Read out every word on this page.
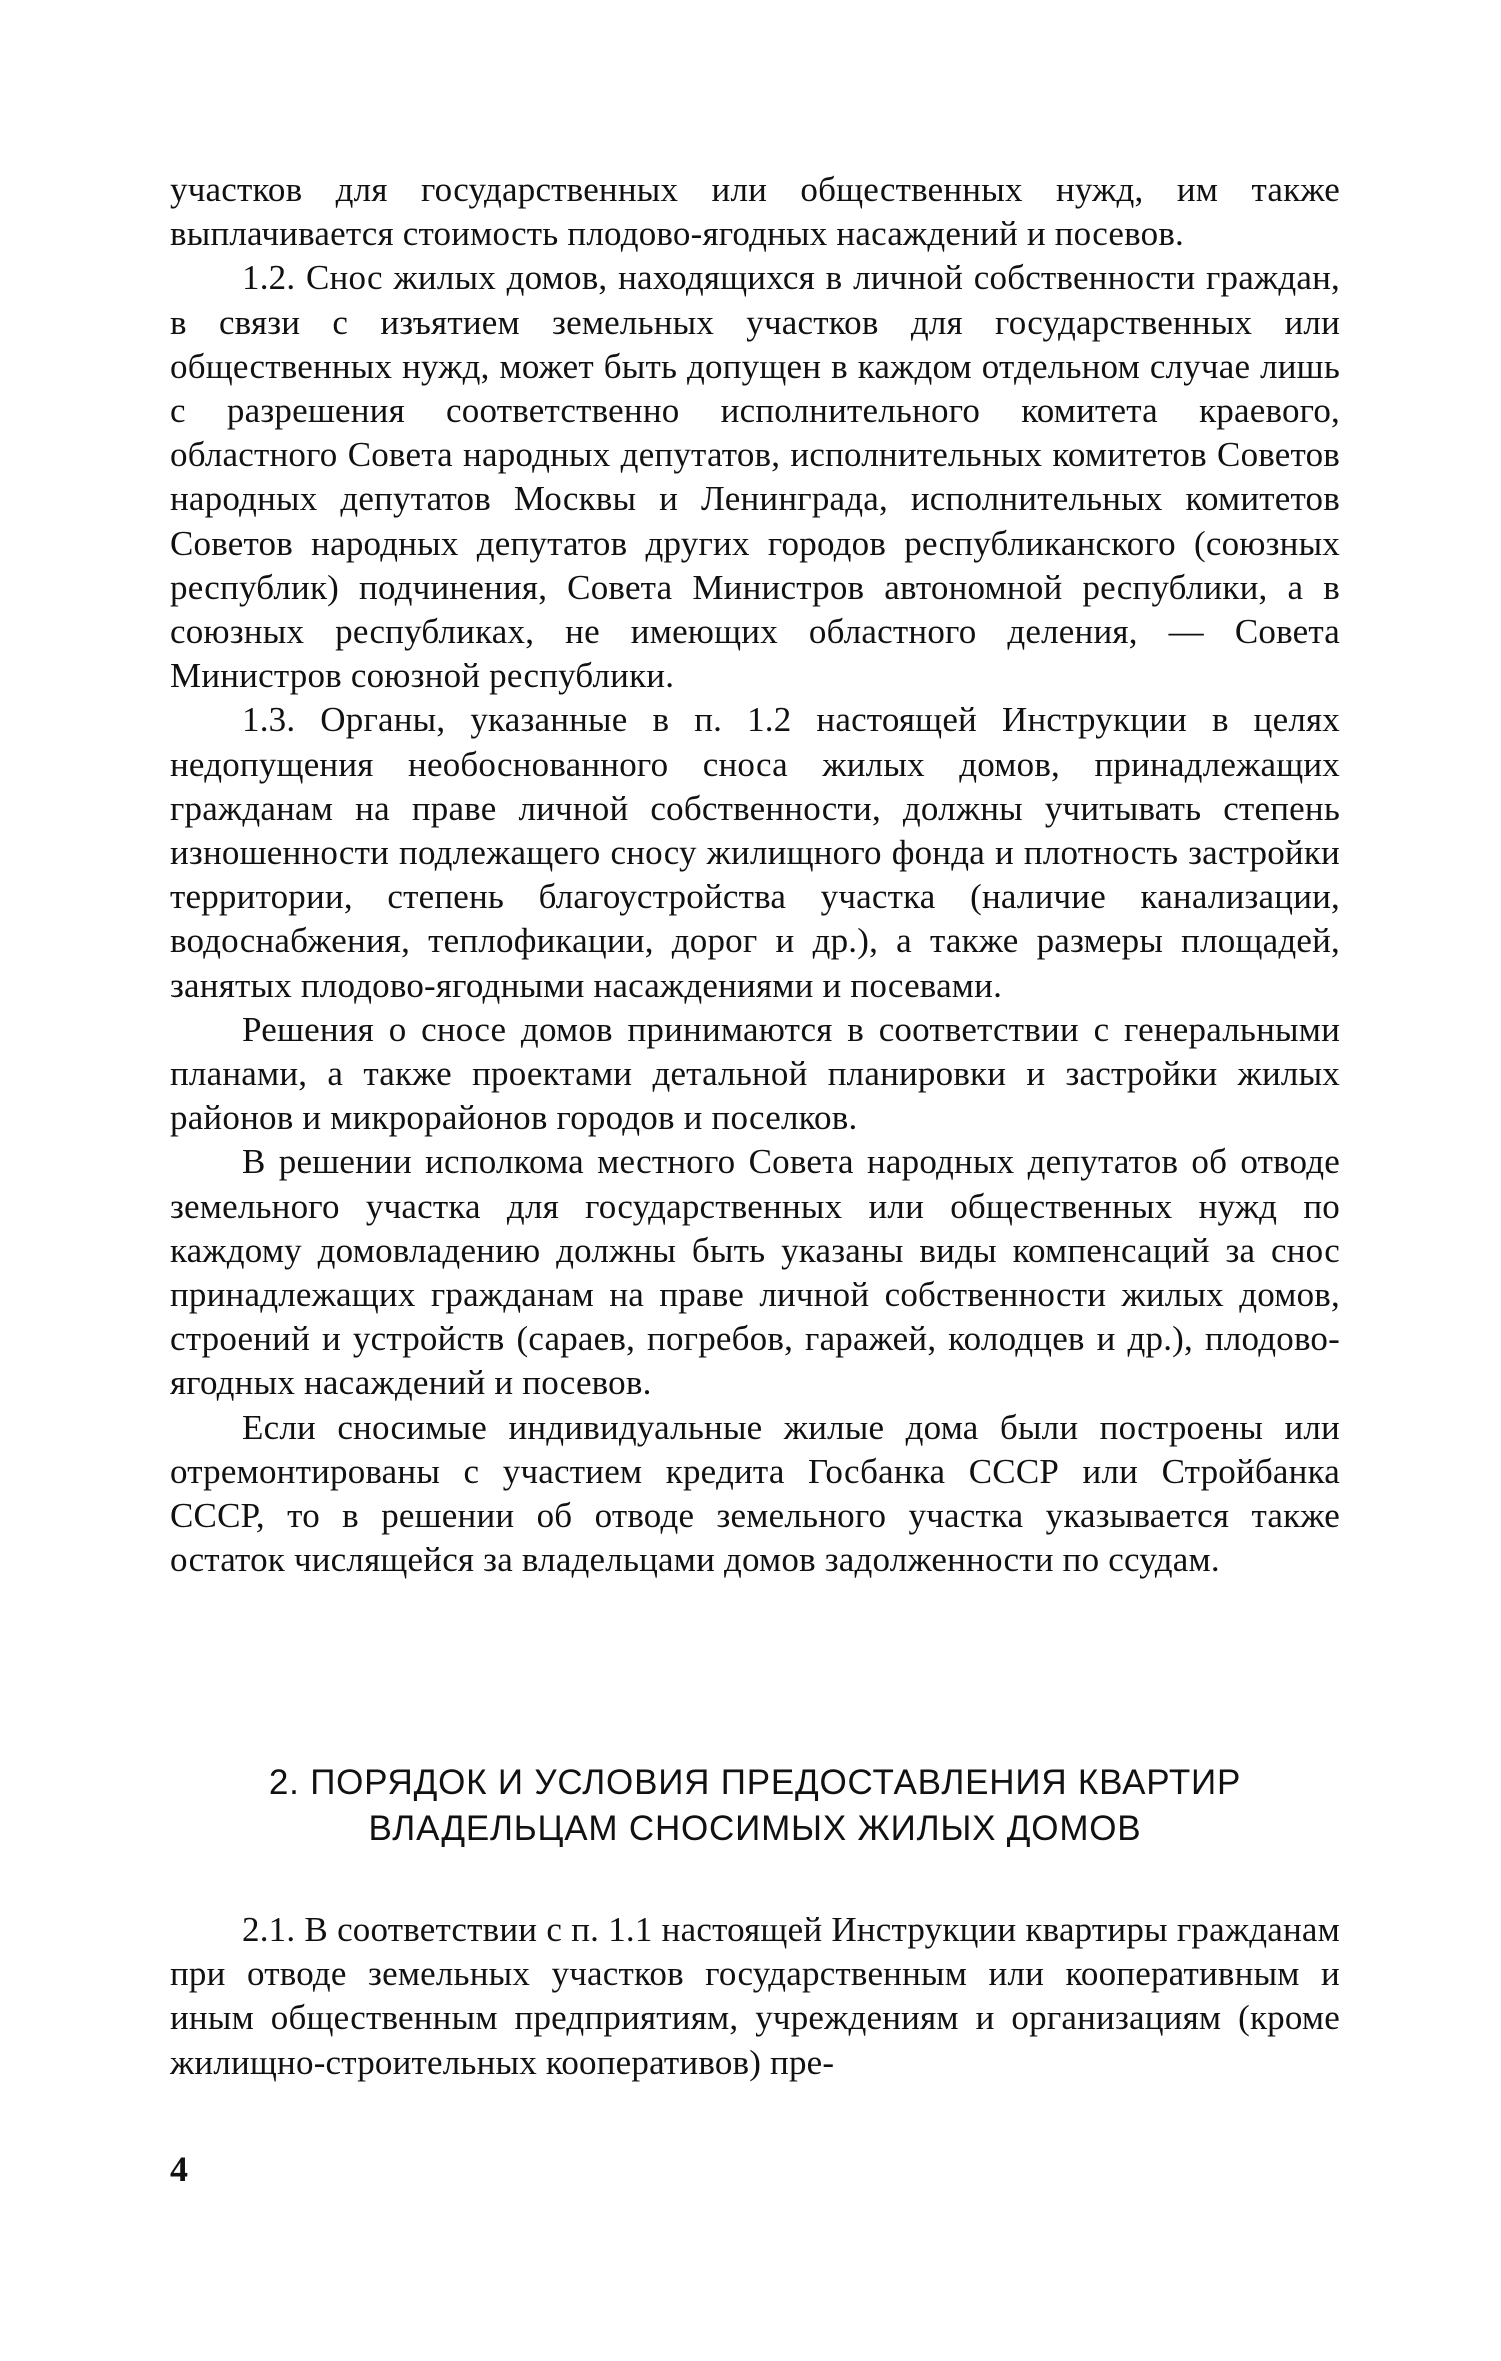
участков для государственных или общественных нужд, им также выплачивается стоимость плодово-ягодных насаждений и посевов.

1.2. Снос жилых домов, находящихся в личной собственности граждан, в связи с изъятием земельных участков для государственных или общественных нужд, может быть допущен в каждом отдельном случае лишь с разрешения соответственно исполнительного комитета краевого, областного Совета народных депутатов, исполнительных комитетов Советов народных депутатов Москвы и Ленинграда, исполнительных комитетов Советов народных депутатов других городов республиканского (союзных республик) подчинения, Совета Министров автономной республики, а в союзных республиках, не имеющих областного деления, — Совета Министров союзной республики.

1.3. Органы, указанные в п. 1.2 настоящей Инструкции в целях недопущения необоснованного сноса жилых домов, принадлежащих гражданам на праве личной собственности, должны учитывать степень изношенности подлежащего сносу жилищного фонда и плотность застройки территории, степень благоустройства участка (наличие канализации, водоснабжения, теплофикации, дорог и др.), а также размеры площадей, занятых плодово-ягодными насаждениями и посевами.

Решения о сносе домов принимаются в соответствии с генеральными планами, а также проектами детальной планировки и застройки жилых районов и микрорайонов городов и поселков.

В решении исполкома местного Совета народных депутатов об отводе земельного участка для государственных или общественных нужд по каждому домовладению должны быть указаны виды компенсаций за снос принадлежащих гражданам на праве личной собственности жилых домов, строений и устройств (сараев, погребов, гаражей, колодцев и др.), плодово-ягодных насаждений и посевов.

Если сносимые индивидуальные жилые дома были построены или отремонтированы с участием кредита Госбанка СССР или Стройбанка СССР, то в решении об отводе земельного участка указывается также остаток числящейся за владельцами домов задолженности по ссудам.

2. ПОРЯДОК И УСЛОВИЯ ПРЕДОСТАВЛЕНИЯ КВАРТИР
ВЛАДЕЛЬЦАМ СНОСИМЫХ ЖИЛЫХ ДОМОВ

2.1. В соответствии с п. 1.1 настоящей Инструкции квартиры гражданам при отводе земельных участков государственным или кооперативным и иным общественным предприятиям, учреждениям и организациям (кроме жилищно-строительных кооперативов) пре-

4
